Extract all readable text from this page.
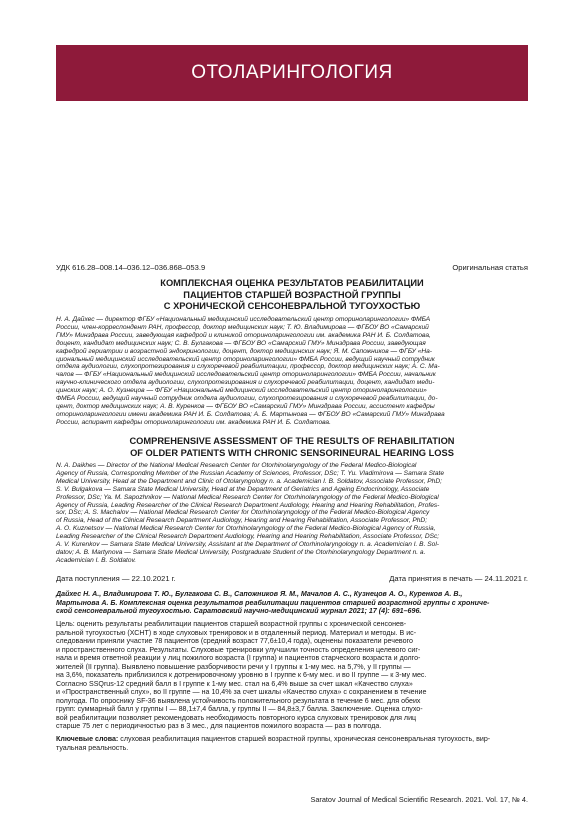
ОТОЛАРИНГОЛОГИЯ
УДК 616.28–008.14–036.12–036.868–053.9	Оригинальная статья
КОМПЛЕКСНАЯ ОЦЕНКА РЕЗУЛЬТАТОВ РЕАБИЛИТАЦИИ
ПАЦИЕНТОВ СТАРШЕЙ ВОЗРАСТНОЙ ГРУППЫ
С ХРОНИЧЕСКОЙ СЕНСОНЕВРАЛЬНОЙ ТУГОУХОСТЬЮ
Н. А. Дайхес — директор ФГБУ «Национальный медицинский исследовательский центр оториноларингологии» ФМБА
России, член-корреспондент РАН, профессор, доктор медицинских наук; Т. Ю. Владимирова — ФГБОУ ВО «Самарский
ГМУ» Минздрава России, заведующая кафедрой и клиникой оториноларингологии им. академика РАН И. Б. Солдатова,
доцент, кандидат медицинских наук; С. В. Булгакова — ФГБОУ ВО «Самарский ГМУ» Минздрава России, заведующая
кафедрой гериатрии и возрастной эндокринологии, доцент, доктор медицинских наук; Я. М. Сапожников — ФГБУ «На-
циональный медицинский исследовательский центр оториноларингологии» ФМБА России, ведущий научный сотрудник
отдела аудиологии, слухопротезирования и слухоречевой реабилитации, профессор, доктор медицинских наук; А. С. Ма-
чалов — ФГБУ «Национальный медицинский исследовательский центр оториноларингологии» ФМБА России, начальник
научно-клинического отдела аудиологии, слухопротезирования и слухоречевой реабилитации, доцент, кандидат меди-
цинских наук; А. О. Кузнецов — ФГБУ «Национальный медицинский исследовательский центр оториноларингологии»
ФМБА России, ведущий научный сотрудник отдела аудиологии, слухопротезирования и слухоречевой реабилитации, до-
цент, доктор медицинских наук; А. В. Куренков — ФГБОУ ВО «Самарский ГМУ» Минздрава России, ассистент кафедры
оториноларингологии имени академика РАН И. Б. Солдатова; А. Б. Мартынова — ФГБОУ ВО «Самарский ГМУ» Минздрава
России, аспирант кафедры оториноларингологии им. академика РАН И. Б. Солдатова.
COMPREHENSIVE ASSESSMENT OF THE RESULTS OF REHABILITATION
OF OLDER PATIENTS WITH CHRONIC SENSORINEURAL HEARING LOSS
N. A. Daikhes — Director of the National Medical Research Center for Otorhinolaryngology of the Federal Medico-Biological
Agency of Russia, Corresponding Member of the Russian Academy of Sciences, Professor, DSc; T. Yu. Vladimirova — Samara State
Medical University, Head at the Department and Clinic of Otolaryngology n. a. Academician I. B. Soldatov, Associate Professor, PhD;
S. V. Bulgakova — Samara State Medical University, Head at the Department of Geriatrics and Ageing Endocrinology, Associate
Professor, DSc; Ya. M. Sapozhnikov — National Medical Research Center for Otorhinolaryngology of the Federal Medico-Biological
Agency of Russia, Leading Researcher of the Clinical Research Department Audiology, Hearing and Hearing Rehabilitation, Profes-
sor, DSc; A. S. Machalov — National Medical Research Center for Otorhinolaryngology of the Federal Medico-Biological Agency
of Russia, Head of the Clinical Research Department Audiology, Hearing and Hearing Rehabilitation, Associate Professor, PhD;
A. O. Kuznetsov — National Medical Research Center for Otorhinolaryngology of the Federal Medico-Biological Agency of Russia,
Leading Researcher of the Clinical Research Department Audiology, Hearing and Hearing Rehabilitation, Associate Professor, DSc;
A. V. Kurenkov — Samara State Medical University, Assistant at the Department of Otorhinolaryngology n. a. Academician I. B. Sol-
datov; A. B. Martynova — Samara State Medical University, Postgraduate Student of the Otorhinolaryngology Department n. a.
Academician I. B. Soldatov.
Дата поступления — 22.10.2021 г.	Дата принятия в печать — 24.11.2021 г.
Дайхес Н. А., Владимирова Т. Ю., Булгакова С. В., Сапожников Я. М., Мачалов А. С., Кузнецов А. О., Куренков А. В.,
Мартынова А. Б. Комплексная оценка результатов реабилитации пациентов старшей возрастной группы с хрониче-
ской сенсоневральной тугоухостью. Саратовский научно-медицинский журнал 2021; 17 (4): 691–696.
Цель: оценить результаты реабилитации пациентов старшей возрастной группы с хронической сенсонев-
ральной тугоухостью (ХСНТ) в ходе слуховых тренировок и в отдаленный период. Материал и методы. В ис-
следовании приняли участие 78 пациентов (средний возраст 77,6±10,4 года), оценены показатели речевого
и пространственного слуха. Результаты. Слуховые тренировки улучшили точность определения целевого сиг-
нала и время ответной реакции у лиц пожилого возраста (I группа) и пациентов старческого возраста и долго-
жителей (II группа). Выявлено повышение разборчивости речи у I группы к 1-му мес. на 5,7%, у II группы —
на 3,6%, показатель приблизился к дотренировочному уровню в I группе к 6-му мес. и во II группе — к 3-му мес.
Согласно SSQrus-12 средний балл в I группе к 1-му мес. стал на 6,4% выше за счет шкал «Качество слуха»
и «Пространственный слух», во II группе — на 10,4% за счет шкалы «Качество слуха» с сохранением в течение
полугода. По опроснику SF-36 выявлена устойчивость положительного результата в течение 6 мес. для обеих
групп: суммарный балл у группы I — 88,1±7,4 балла, у группы II — 84,8±3,7 балла. Заключение. Оценка слухо-
вой реабилитации позволяет рекомендовать необходимость повторного курса слуховых тренировок для лиц
старше 75 лет с периодичностью раз в 3 мес., для пациентов пожилого возраста — раз в полгода.
Ключевые слова: слуховая реабилитация пациентов старшей возрастной группы, хроническая сенсоневральная тугоухость, вир-
туальная реальность.
Saratov Journal of Medical Scientific Research. 2021. Vol. 17, № 4.
